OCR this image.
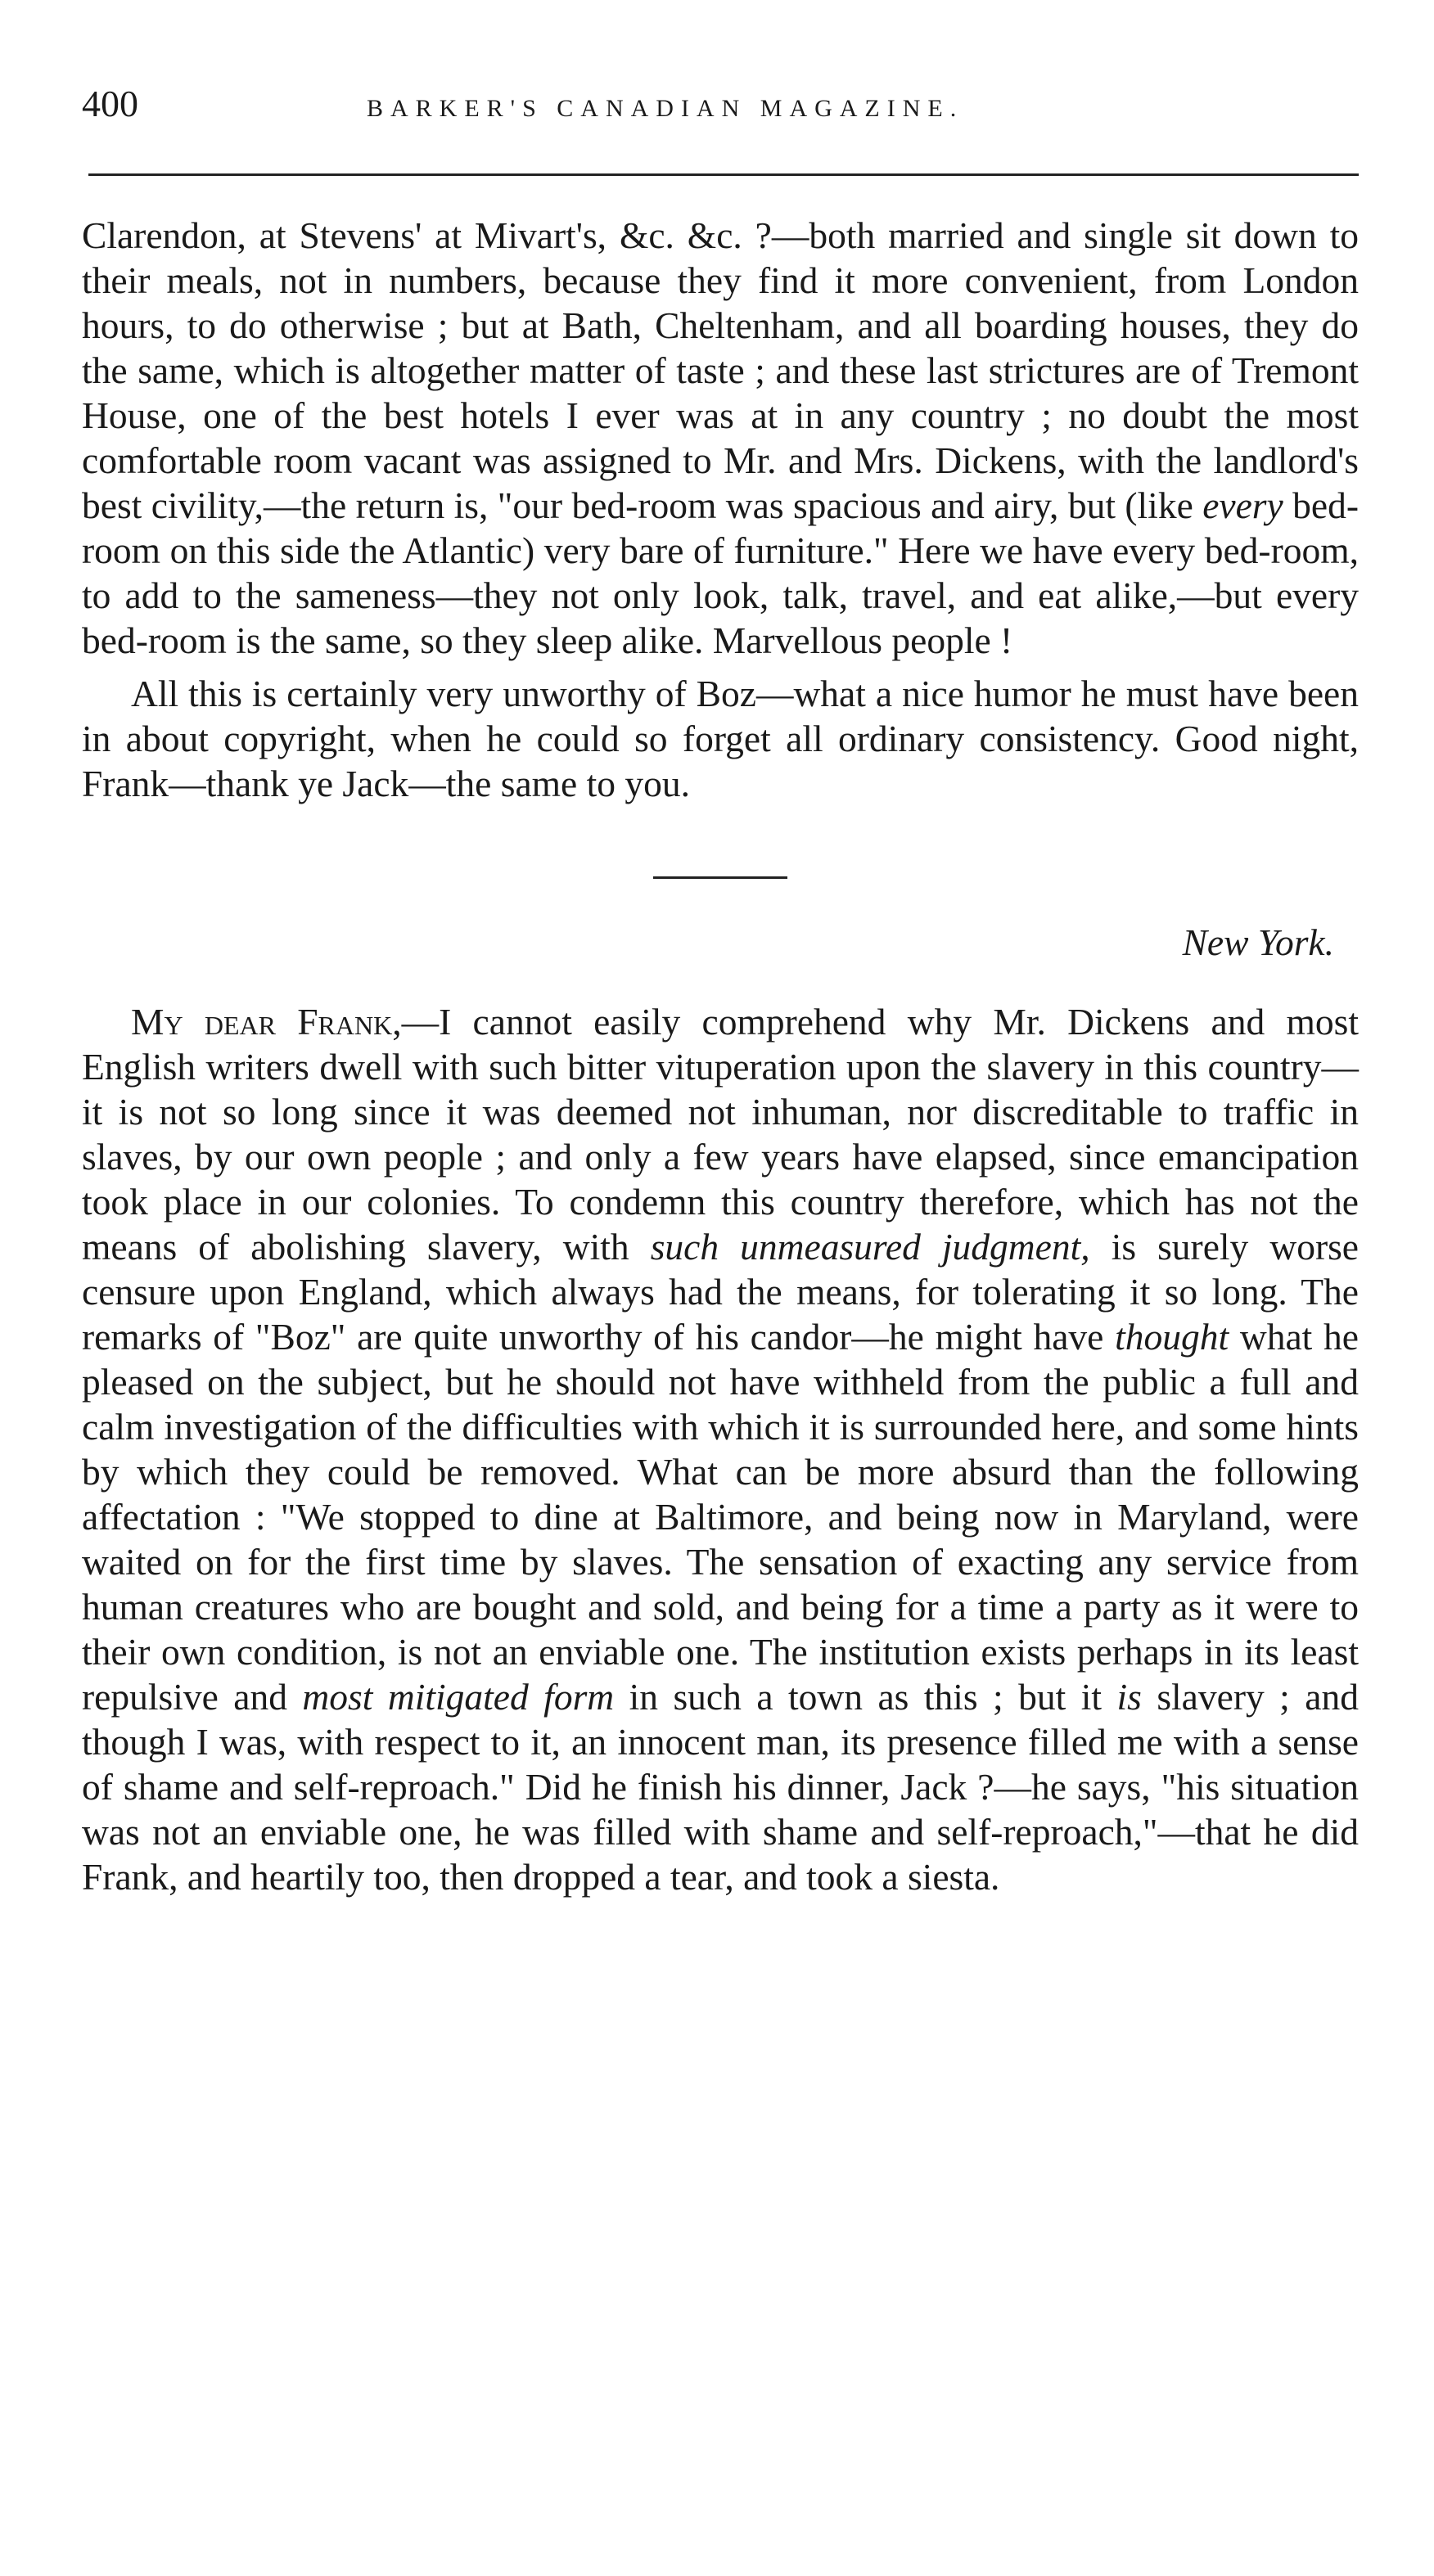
400	BARKER'S CANADIAN MAGAZINE.

Clarendon, at Stevens' at Mivart's, &c. &c. ?—both married and single sit down to their meals, not in numbers, because they find it more convenient, from London hours, to do otherwise ; but at Bath, Cheltenham, and all boarding houses, they do the same, which is altogether matter of taste ; and these last strictures are of Tremont House, one of the best hotels I ever was at in any country ; no doubt the most comfortable room vacant was assigned to Mr. and Mrs. Dickens, with the landlord's best civility,—the return is, "our bed-room was spacious and airy, but (like every bed-room on this side the Atlantic) very bare of furniture." Here we have every bed-room, to add to the sameness—they not only look, talk, travel, and eat alike,—but every bed-room is the same, so they sleep alike. Marvellous people !

All this is certainly very unworthy of Boz—what a nice humor he must have been in about copyright, when he could so forget all ordinary consistency. Good night, Frank—thank ye Jack—the same to you.

New York.

My dear Frank,—I cannot easily comprehend why Mr. Dickens and most English writers dwell with such bitter vituperation upon the slavery in this country—it is not so long since it was deemed not inhuman, nor discreditable to traffic in slaves, by our own people ; and only a few years have elapsed, since emancipation took place in our colonies. To condemn this country therefore, which has not the means of abolishing slavery, with such unmeasured judgment, is surely worse censure upon England, which always had the means, for tolerating it so long. The remarks of "Boz" are quite unworthy of his candor—he might have thought what he pleased on the subject, but he should not have withheld from the public a full and calm investigation of the difficulties with which it is surrounded here, and some hints by which they could be removed. What can be more absurd than the following affectation : "We stopped to dine at Baltimore, and being now in Maryland, were waited on for the first time by slaves. The sensation of exacting any service from human creatures who are bought and sold, and being for a time a party as it were to their own condition, is not an enviable one. The institution exists perhaps in its least repulsive and most mitigated form in such a town as this ; but it is slavery ; and though I was, with respect to it, an innocent man, its presence filled me with a sense of shame and self-reproach." Did he finish his dinner, Jack ?—he says, "his situation was not an enviable one, he was filled with shame and self-reproach,"—that he did Frank, and heartily too, then dropped a tear, and took a siesta.
